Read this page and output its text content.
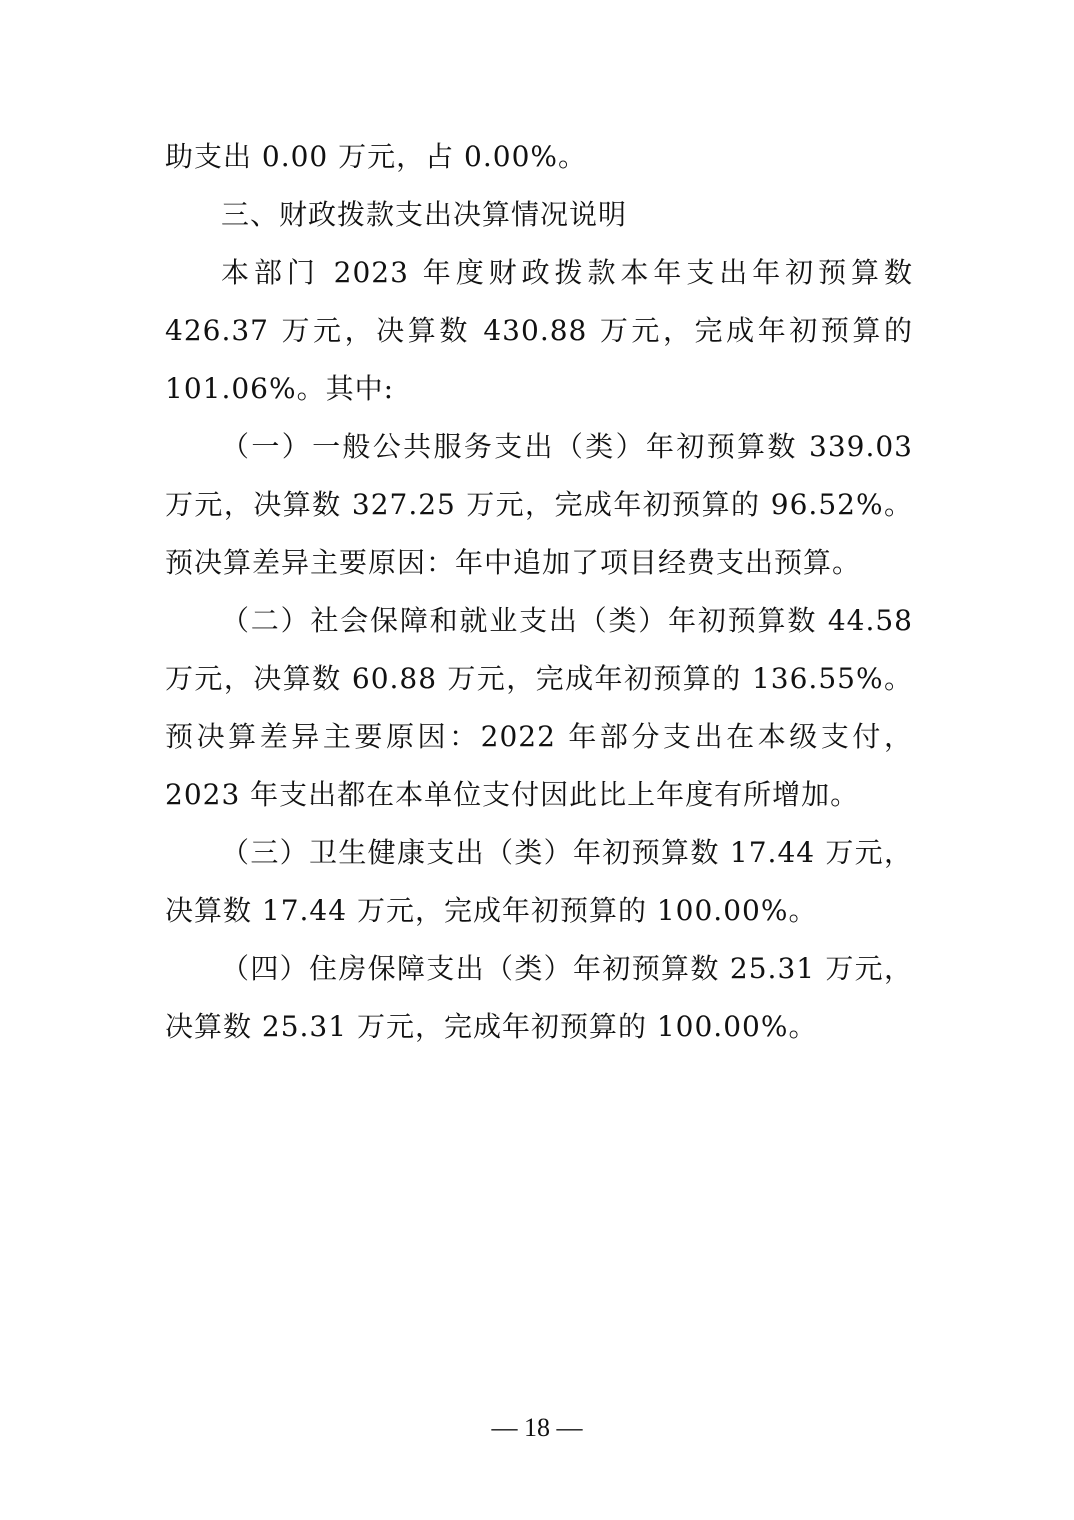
助支出 0.00 万元，占 0.00%。

三、财政拨款支出决算情况说明

本部门 2023 年度财政拨款本年支出年初预算数 426.37 万元，决算数 430.88 万元，完成年初预算的 101.06%。其中:

（一）一般公共服务支出（类）年初预算数 339.03 万元，决算数 327.25 万元，完成年初预算的 96.52%。预决算差异主要原因：年中追加了项目经费支出预算。

（二）社会保障和就业支出（类）年初预算数 44.58 万元，决算数 60.88 万元，完成年初预算的 136.55%。预决算差异主要原因：2022 年部分支出在本级支付，2023 年支出都在本单位支付因此比上年度有所增加。

（三）卫生健康支出（类）年初预算数 17.44 万元，决算数 17.44 万元，完成年初预算的 100.00%。

（四）住房保障支出（类）年初预算数 25.31 万元，决算数 25.31 万元，完成年初预算的 100.00%。

— 18 —
